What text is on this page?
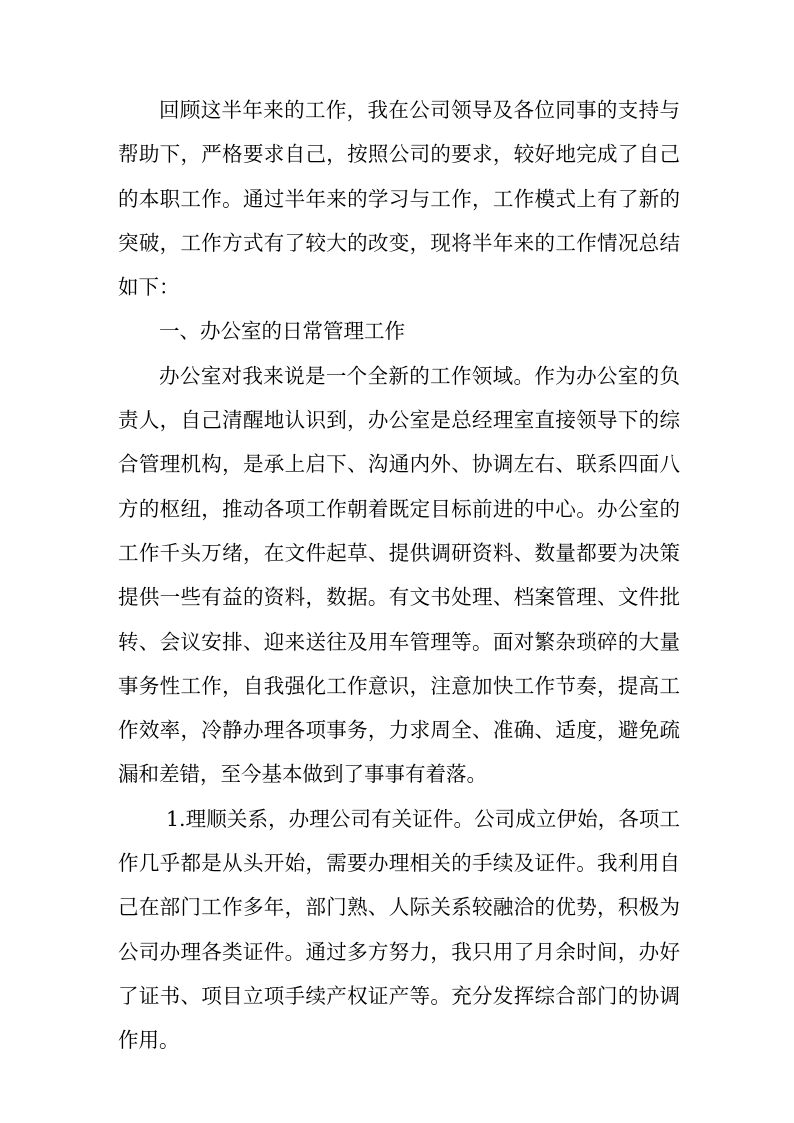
回顾这半年来的工作，我在公司领导及各位同事的支持与帮助下，严格要求自己，按照公司的要求，较好地完成了自己的本职工作。通过半年来的学习与工作，工作模式上有了新的突破，工作方式有了较大的改变，现将半年来的工作情况总结如下：

一、办公室的日常管理工作

办公室对我来说是一个全新的工作领域。作为办公室的负责人，自己清醒地认识到，办公室是总经理室直接领导下的综合管理机构，是承上启下、沟通内外、协调左右、联系四面八方的枢纽，推动各项工作朝着既定目标前进的中心。办公室的工作千头万绪，在文件起草、提供调研资料、数量都要为决策提供一些有益的资料，数据。有文书处理、档案管理、文件批转、会议安排、迎来送往及用车管理等。面对繁杂琐碎的大量事务性工作，自我强化工作意识，注意加快工作节奏，提高工作效率，冷静办理各项事务，力求周全、准确、适度，避免疏漏和差错，至今基本做到了事事有着落。

1.理顺关系，办理公司有关证件。公司成立伊始，各项工作几乎都是从头开始，需要办理相关的手续及证件。我利用自己在部门工作多年，部门熟、人际关系较融洽的优势，积极为公司办理各类证件。通过多方努力，我只用了月余时间，办好了证书、项目立项手续产权证产等。充分发挥综合部门的协调作用。
